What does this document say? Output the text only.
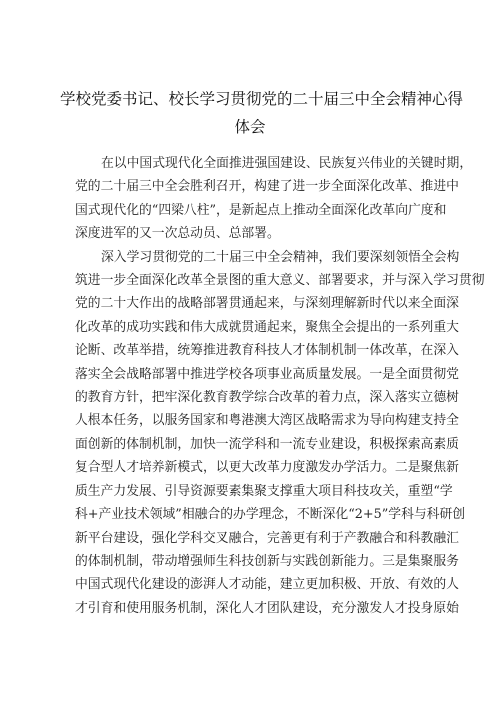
学校党委书记、校长学习贯彻党的二十届三中全会精神心得
体会
在以中国式现代化全面推进强国建设、民族复兴伟业的关键时期，
党的二十届三中全会胜利召开，构建了进一步全面深化改革、推进中
国式现代化的“四梁八柱”，是新起点上推动全面深化改革向广度和
深度进军的又一次总动员、总部署。
深入学习贯彻党的二十届三中全会精神，我们要深刻领悟全会构
筑进一步全面深化改革全景图的重大意义、部署要求，并与深入学习贯彻
党的二十大作出的战略部署贯通起来，与深刻理解新时代以来全面深
化改革的成功实践和伟大成就贯通起来，聚焦全会提出的一系列重大
论断、改革举措，统筹推进教育科技人才体制机制一体改革，在深入
落实全会战略部署中推进学校各项事业高质量发展。一是全面贯彻党
的教育方针，把牢深化教育教学综合改革的着力点，深入落实立德树
人根本任务，以服务国家和粤港澳大湾区战略需求为导向构建支持全
面创新的体制机制，加快一流学科和一流专业建设，积极探索高素质
复合型人才培养新模式，以更大改革力度激发办学活力。二是聚焦新
质生产力发展、引导资源要素集聚支撑重大项目科技攻关，重塑“学
科+产业技术领域”相融合的办学理念，不断深化“2+5”学科与科研创
新平台建设，强化学科交叉融合，完善更有利于产教融合和科教融汇
的体制机制，带动增强师生科技创新与实践创新能力。三是集聚服务
中国式现代化建设的澎湃人才动能，建立更加积极、开放、有效的人
才引育和使用服务机制，深化人才团队建设，充分激发人才投身原始
